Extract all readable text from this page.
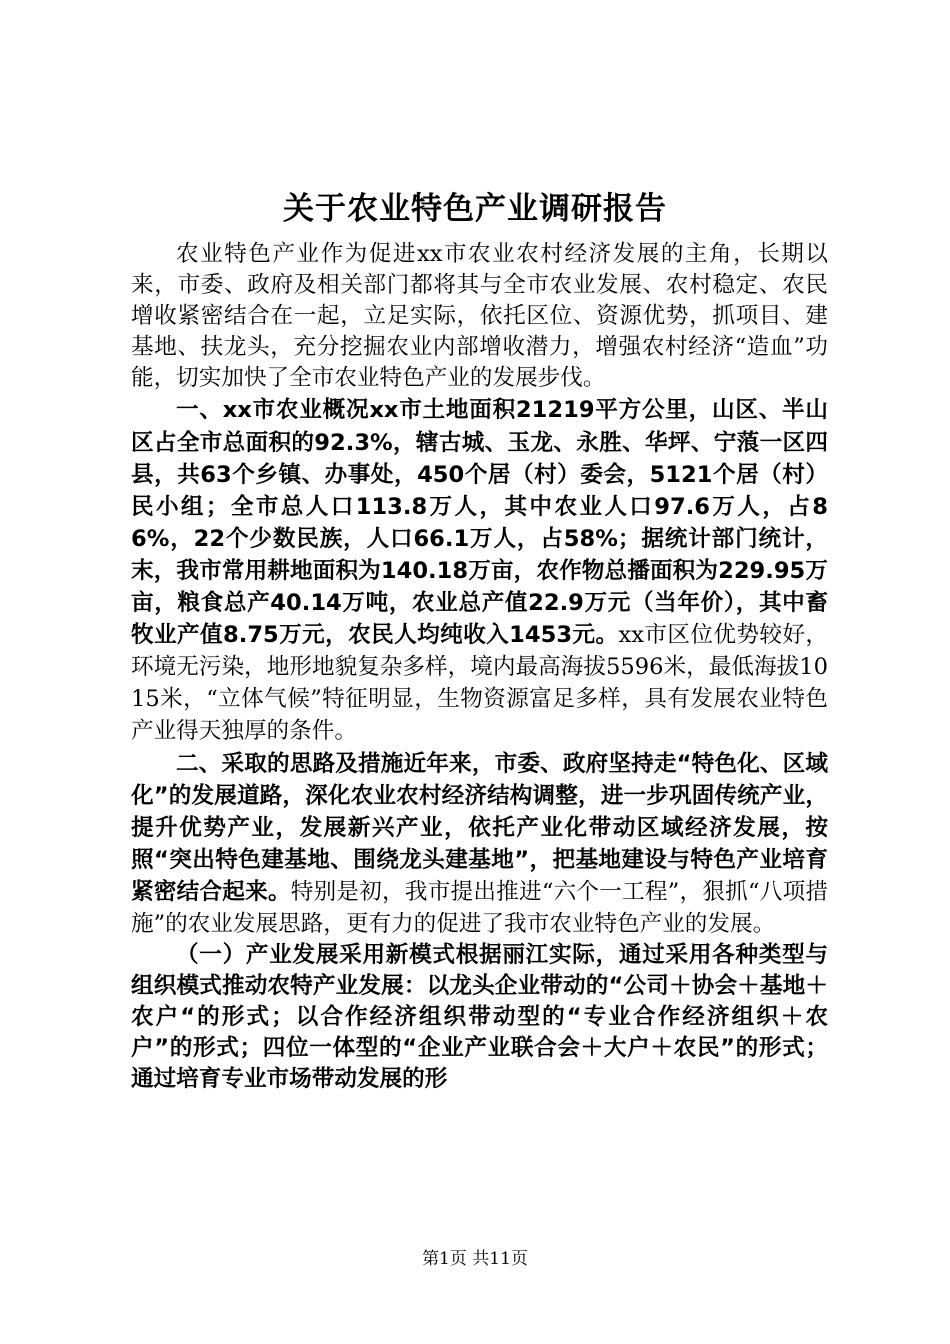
关于农业特色产业调研报告

农业特色产业作为促进xx市农业农村经济发展的主角，长期以来，市委、政府及相关部门都将其与全市农业发展、农村稳定、农民增收紧密结合在一起，立足实际，依托区位、资源优势，抓项目、建基地、扶龙头，充分挖掘农业内部增收潜力，增强农村经济“造血”功能，切实加快了全市农业特色产业的发展步伐。

一、xx市农业概况xx市土地面积21219平方公里，山区、半山区占全市总面积的92.3%，辖古城、玉龙、永胜、华坪、宁蒗一区四县，共63个乡镇、办事处，450个居（村）委会，5121个居（村）民小组；全市总人口113.8万人，其中农业人口97.6万人，占86%，22个少数民族，人口66.1万人，占58%；据统计部门统计，末，我市常用耕地面积为140.18万亩，农作物总播面积为229.95万亩，粮食总产40.14万吨，农业总产值22.9万元（当年价），其中畜牧业产值8.75万元，农民人均纯收入1453元。xx市区位优势较好，环境无污染，地形地貌复杂多样，境内最高海拔5596米，最低海拔1015米，“立体气候”特征明显，生物资源富足多样，具有发展农业特色产业得天独厚的条件。

二、采取的思路及措施近年来，市委、政府坚持走“特色化、区域化”的发展道路，深化农业农村经济结构调整，进一步巩固传统产业，提升优势产业，发展新兴产业，依托产业化带动区域经济发展，按照“突出特色建基地、围绕龙头建基地”，把基地建设与特色产业培育紧密结合起来。特别是初，我市提出推进“六个一工程”，狠抓“八项措施”的农业发展思路，更有力的促进了我市农业特色产业的发展。

（一）产业发展采用新模式根据丽江实际，通过采用各种类型与组织模式推动农特产业发展：以龙头企业带动的“公司＋协会＋基地＋农户“的形式；以合作经济组织带动型的“专业合作经济组织＋农户”的形式；四位一体型的“企业产业联合会＋大户＋农民”的形式；通过培育专业市场带动发展的形

第1页 共11页
